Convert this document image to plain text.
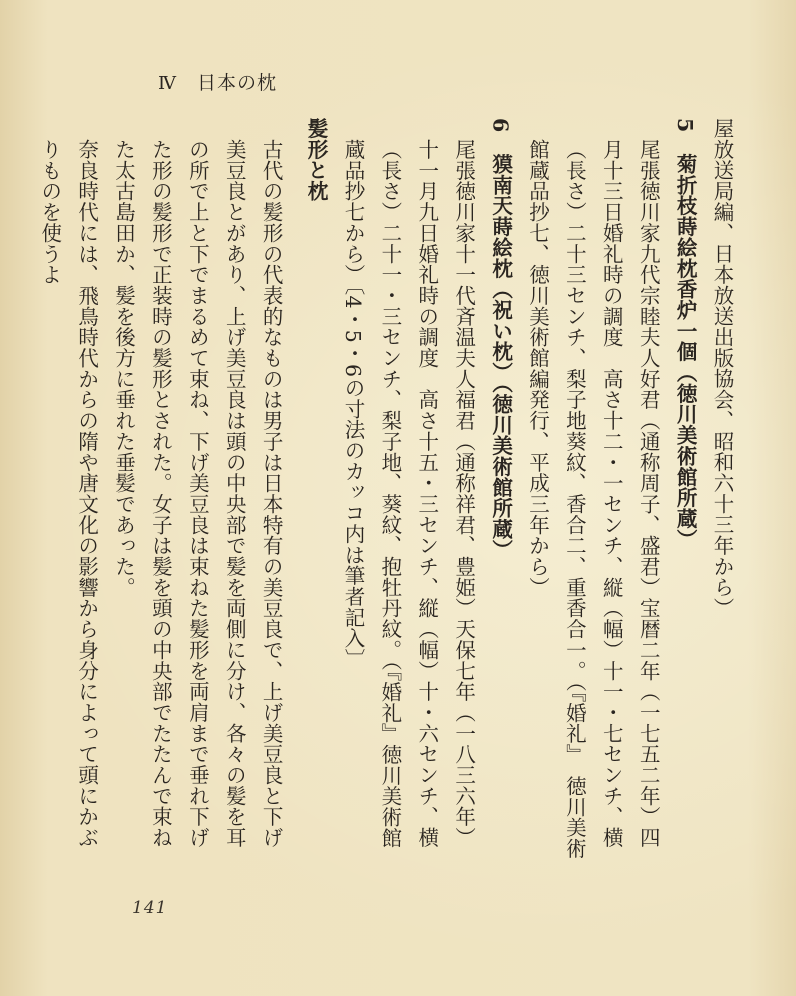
Ⅳ 日本の枕

屋放送局編、日本放送出版協会、昭和六十三年から）

5　菊折枝蒔絵枕香炉一個（徳川美術館所蔵）

尾張徳川家九代宗睦夫人好君（通称周子、盛君）宝暦二年（一七五二年）四月十三日婚礼時の調度　高さ十二・一センチ、縦（幅）十一・七センチ、横（長さ）二十三センチ、梨子地葵紋、香合二、重香合一。（『婚礼』　徳川美術館蔵品抄七、徳川美術館編発行、平成三年から）

6　獏南天蒔絵枕（祝い枕）（徳川美術館所蔵）

尾張徳川家十一代斉温夫人福君（通称祥君、豊姫）天保七年（一八三六年）十一月九日婚礼時の調度　高さ十五・三センチ、縦（幅）十・六センチ、横（長さ）二十一・三センチ、梨子地、葵紋、抱牡丹紋。（『婚礼』徳川美術館蔵品抄七から）〔4・5・6の寸法のカッコ内は筆者記入〕

髪形と枕

古代の髪形の代表的なものは男子は日本特有の美豆良で、上げ美豆良と下げ美豆良とがあり、上げ美豆良は頭の中央部で髪を両側に分け、各々の髪を耳の所で上と下でまるめて束ね、下げ美豆良は束ねた髪形を両肩まで垂れ下げた形の髪形で正装時の髪形とされた。女子は髪を頭の中央部でたたんで束ねた太古島田か、髪を後方に垂れた垂髪であった。

奈良時代には、飛鳥時代からの隋や唐文化の影響から身分によって頭にかぶりものを使うよ

141
